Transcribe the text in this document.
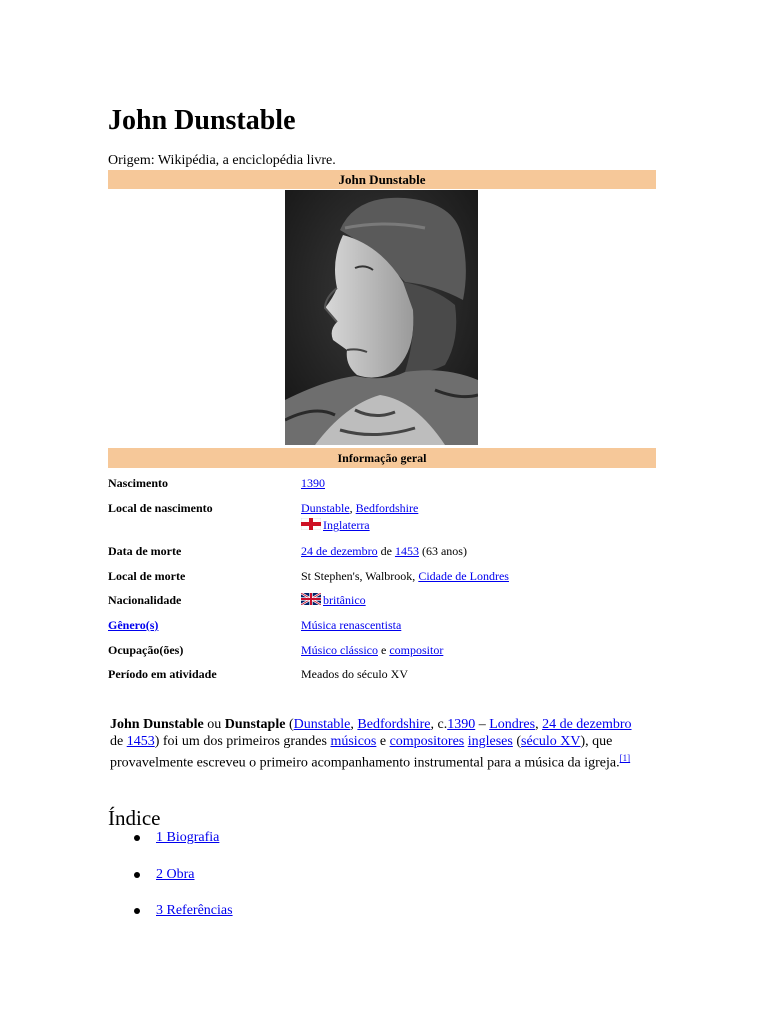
John Dunstable
Origem: Wikipédia, a enciclopédia livre.
John Dunstable
Informação geral
Nascimento	1390
Local de nascimento	Dunstable, Bedfordshire
Inglaterra
Data de morte	24 de dezembro de 1453 (63 anos)
Local de morte	St Stephen's, Walbrook, Cidade de Londres
Nacionalidade	britânico
Gênero(s)	Música renascentista
Ocupação(ões)	Músico clássico e compositor
Período em atividade	Meados do século XV

John Dunstable ou Dunstaple (Dunstable, Bedfordshire, c.1390 – Londres, 24 de dezembro de 1453) foi um dos primeiros grandes músicos e compositores ingleses (século XV), que provavelmente escreveu o primeiro acompanhamento instrumental para a música da igreja.[1]

Índice
1 Biografia
2 Obra
3 Referências
